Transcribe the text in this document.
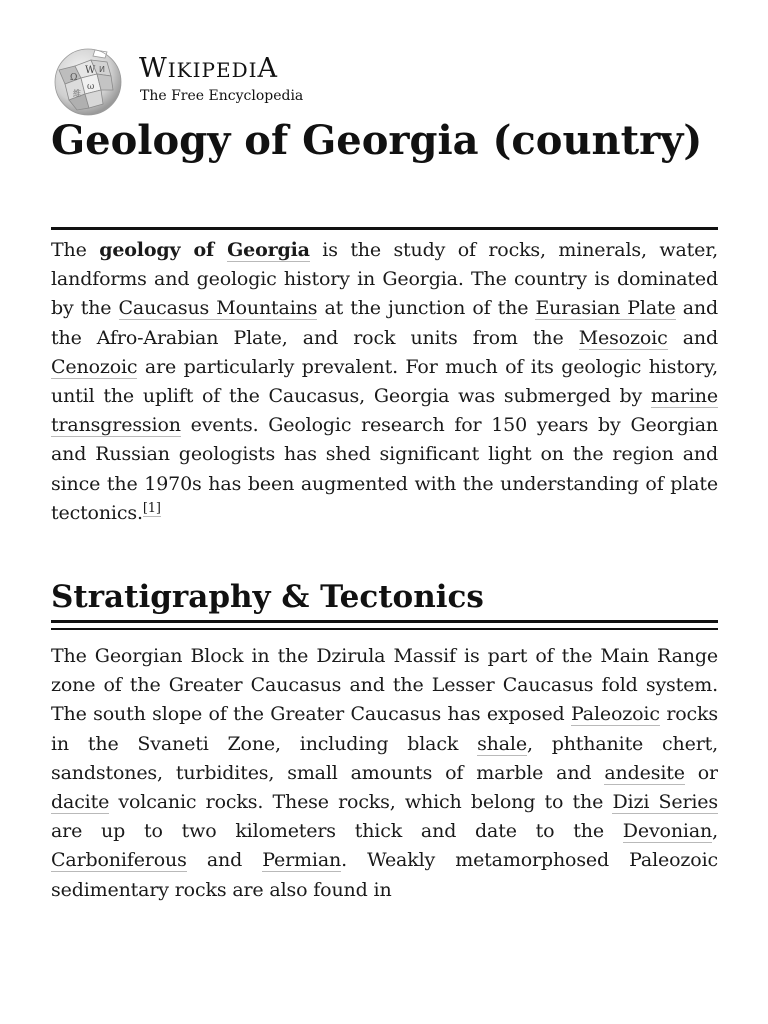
Ω
W И
ω
維
WIKIPEDIA
The Free Encyclopedia
Geology of Georgia (country)

The geology of Georgia is the study of rocks, minerals, water, landforms and geologic history in Georgia. The country is dominated by the Caucasus Mountains at the junction of the Eurasian Plate and the Afro-Arabian Plate, and rock units from the Mesozoic and Cenozoic are particularly prevalent. For much of its geologic history, until the uplift of the Caucasus, Georgia was submerged by marine transgression events. Geologic research for 150 years by Georgian and Russian geologists has shed significant light on the region and since the 1970s has been augmented with the understanding of plate tectonics.[1]

Stratigraphy & Tectonics

The Georgian Block in the Dzirula Massif is part of the Main Range zone of the Greater Caucasus and the Lesser Caucasus fold system. The south slope of the Greater Caucasus has exposed Paleozoic rocks in the Svaneti Zone, including black shale, phthanite chert, sandstones, turbidites, small amounts of marble and andesite or dacite volcanic rocks. These rocks, which belong to the Dizi Series are up to two kilometers thick and date to the Devonian, Carboniferous and Permian. Weakly metamorphosed Paleozoic sedimentary rocks are also found in
